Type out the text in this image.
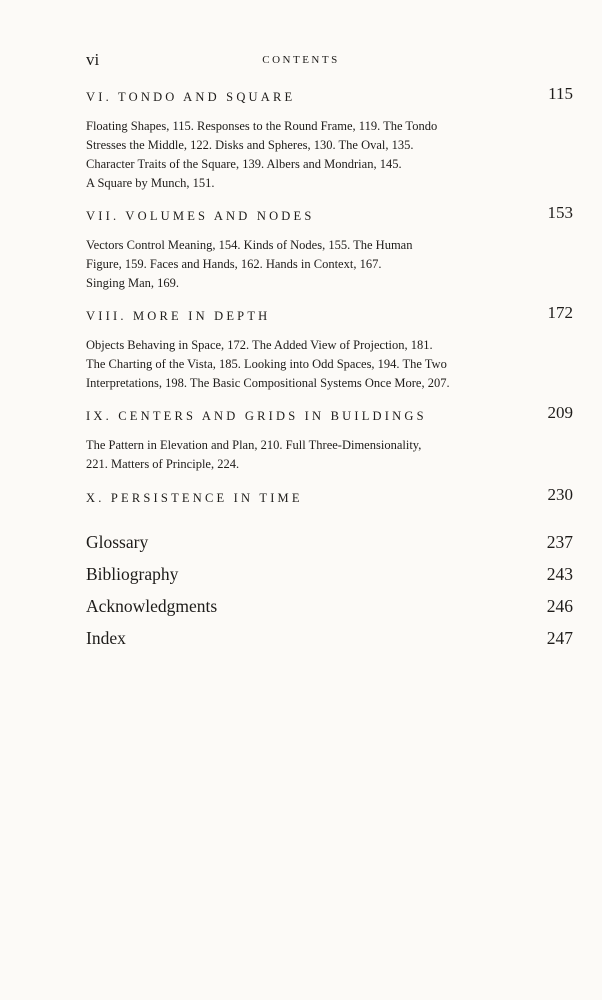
vi	CONTENTS
VI. TONDO AND SQUARE	115
Floating Shapes, 115. Responses to the Round Frame, 119. The Tondo
Stresses the Middle, 122. Disks and Spheres, 130. The Oval, 135.
Character Traits of the Square, 139. Albers and Mondrian, 145.
A Square by Munch, 151.
VII. VOLUMES AND NODES	153
Vectors Control Meaning, 154. Kinds of Nodes, 155. The Human
Figure, 159. Faces and Hands, 162. Hands in Context, 167.
Singing Man, 169.
VIII. MORE IN DEPTH	172
Objects Behaving in Space, 172. The Added View of Projection, 181.
The Charting of the Vista, 185. Looking into Odd Spaces, 194. The Two
Interpretations, 198. The Basic Compositional Systems Once More, 207.
IX. CENTERS AND GRIDS IN BUILDINGS	209
The Pattern in Elevation and Plan, 210. Full Three-Dimensionality,
221. Matters of Principle, 224.
X. PERSISTENCE IN TIME	230
Glossary	237
Bibliography	243
Acknowledgments	246
Index	247
